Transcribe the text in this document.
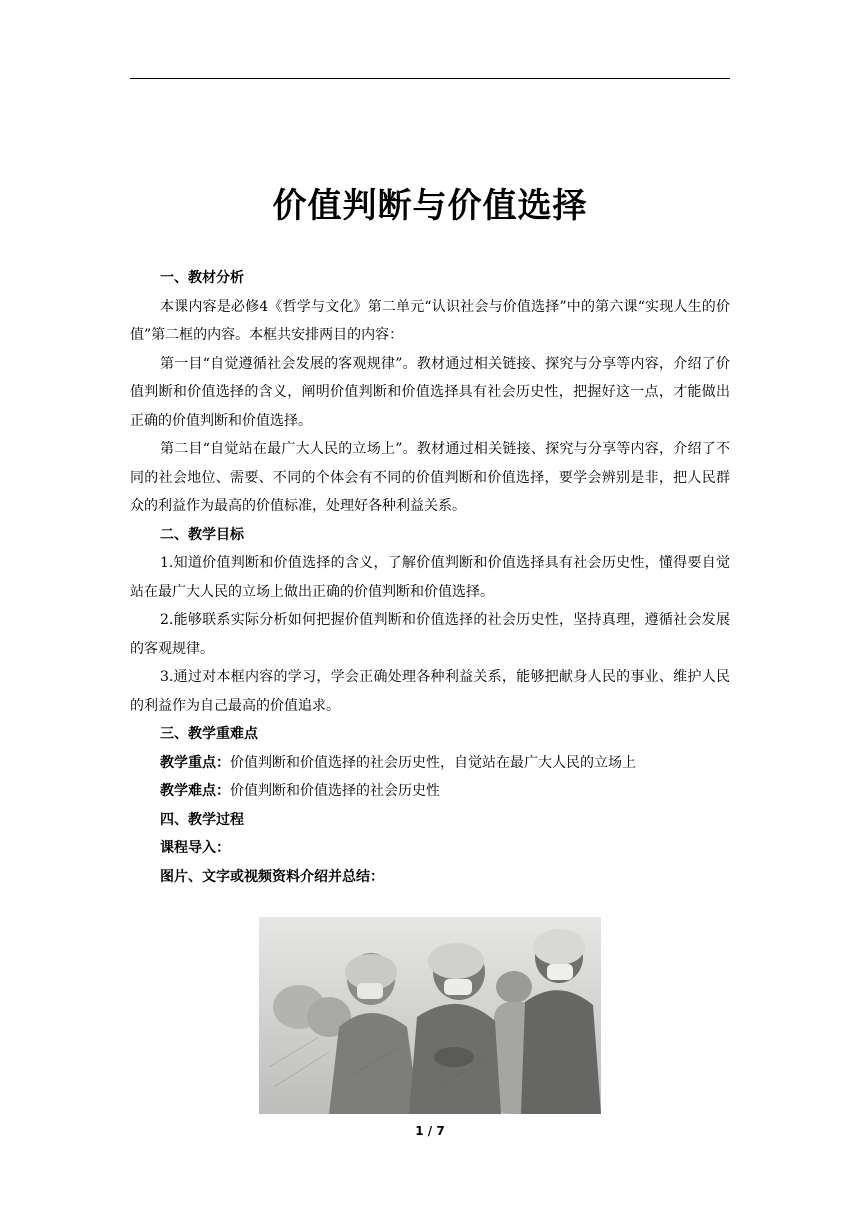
价值判断与价值选择

一、教材分析

本课内容是必修4《哲学与文化》第二单元“认识社会与价值选择”中的第六课“实现人生的价值”第二框的内容。本框共安排两目的内容：

第一目“自觉遵循社会发展的客观规律”。教材通过相关链接、探究与分享等内容，介绍了价值判断和价值选择的含义，阐明价值判断和价值选择具有社会历史性，把握好这一点，才能做出正确的价值判断和价值选择。

第二目“自觉站在最广大人民的立场上”。教材通过相关链接、探究与分享等内容，介绍了不同的社会地位、需要、不同的个体会有不同的价值判断和价值选择，要学会辨别是非，把人民群众的利益作为最高的价值标准，处理好各种利益关系。

二、教学目标

1.知道价值判断和价值选择的含义，了解价值判断和价值选择具有社会历史性，懂得要自觉站在最广大人民的立场上做出正确的价值判断和价值选择。

2.能够联系实际分析如何把握价值判断和价值选择的社会历史性，坚持真理，遵循社会发展的客观规律。

3.通过对本框内容的学习，学会正确处理各种利益关系，能够把献身人民的事业、维护人民的利益作为自己最高的价值追求。

三、教学重难点

教学重点：价值判断和价值选择的社会历史性，自觉站在最广大人民的立场上

教学难点：价值判断和价值选择的社会历史性

四、教学过程

课程导入：

图片、文字或视频资料介绍并总结：

1 / 7
